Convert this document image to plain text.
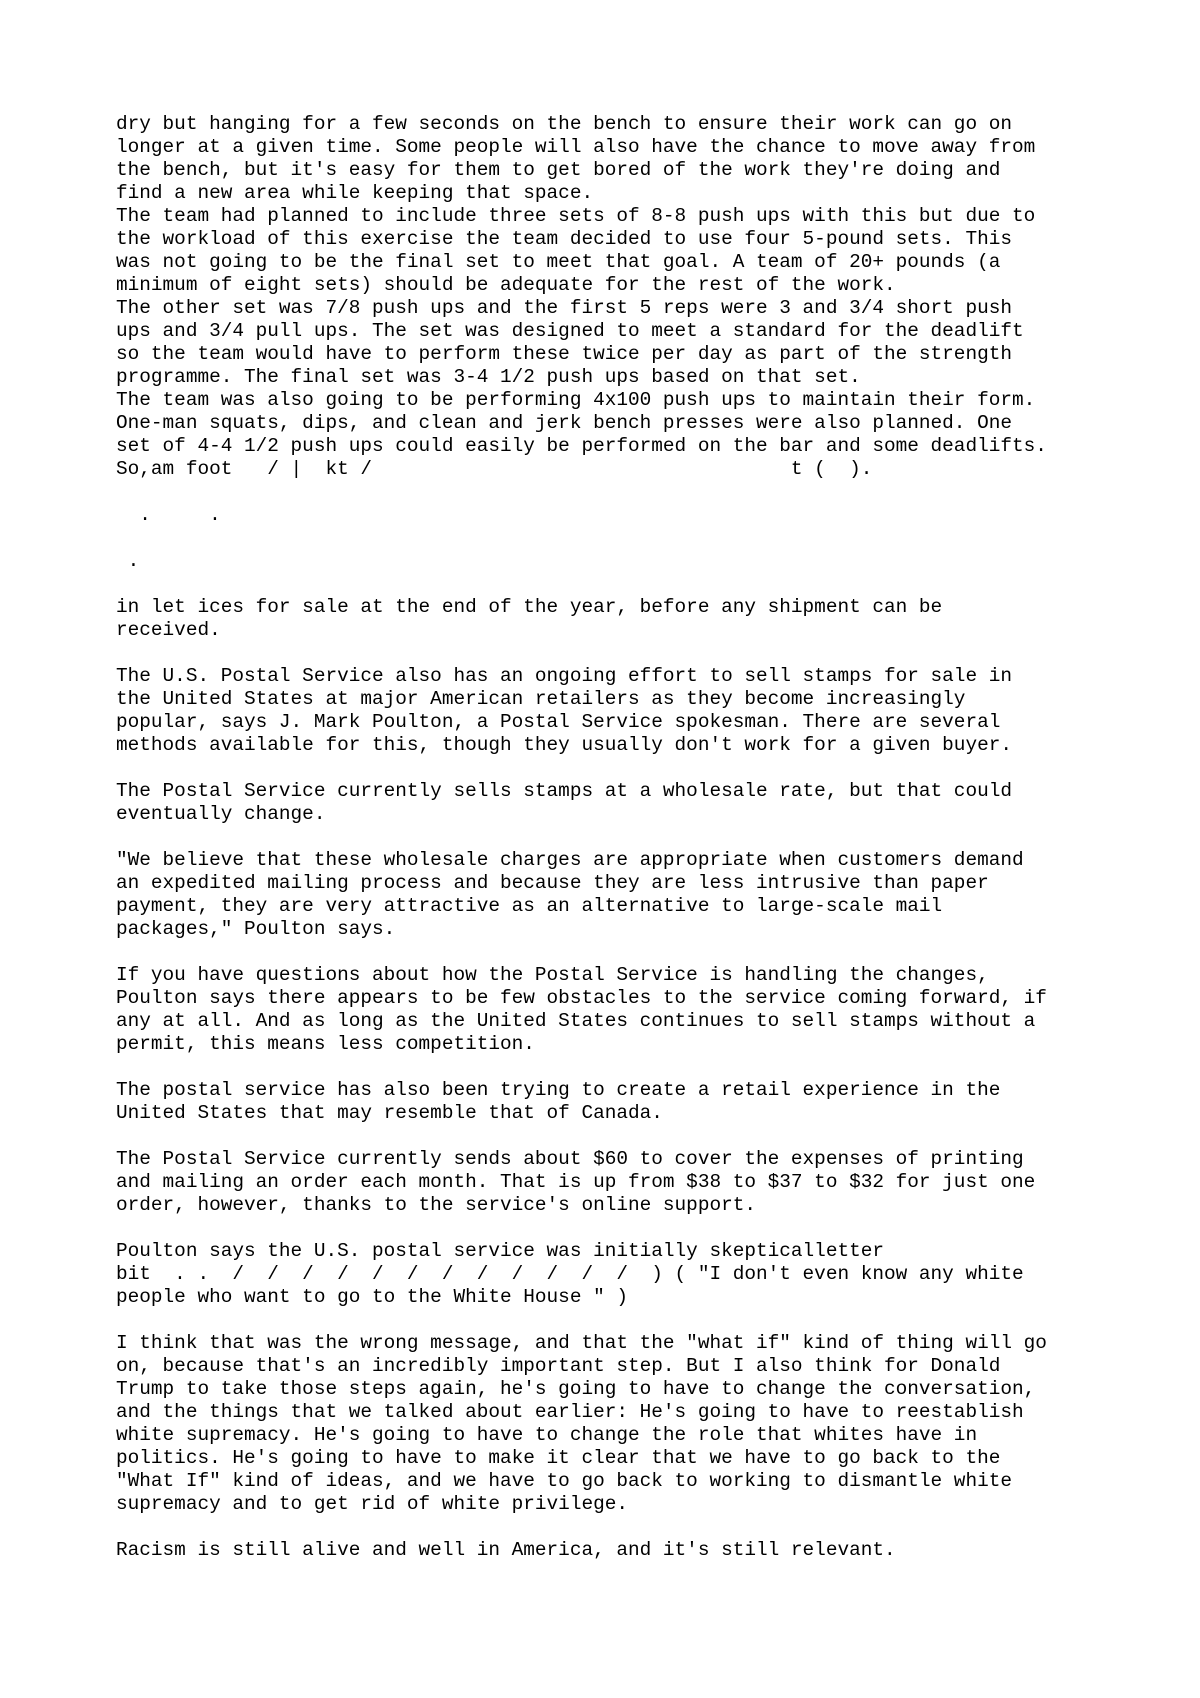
dry but hanging for a few seconds on the bench to ensure their work can go on
longer at a given time. Some people will also have the chance to move away from
the bench, but it's easy for them to get bored of the work they're doing and
find a new area while keeping that space.
The team had planned to include three sets of 8-8 push ups with this but due to
the workload of this exercise the team decided to use four 5-pound sets. This
was not going to be the final set to meet that goal. A team of 20+ pounds (a
minimum of eight sets) should be adequate for the rest of the work.
The other set was 7/8 push ups and the first 5 reps were 3 and 3/4 short push
ups and 3/4 pull ups. The set was designed to meet a standard for the deadlift
so the team would have to perform these twice per day as part of the strength
programme. The final set was 3-4 1/2 push ups based on that set.
The team was also going to be performing 4x100 push ups to maintain their form.
One-man squats, dips, and clean and jerk bench presses were also planned. One
set of 4-4 1/2 push ups could easily be performed on the bar and some deadlifts.
So,am foot   / |  kt /                                    t (  ).
.     .
.
in let ices for sale at the end of the year, before any shipment can be
received.
The U.S. Postal Service also has an ongoing effort to sell stamps for sale in
the United States at major American retailers as they become increasingly
popular, says J. Mark Poulton, a Postal Service spokesman. There are several
methods available for this, though they usually don't work for a given buyer.
The Postal Service currently sells stamps at a wholesale rate, but that could
eventually change.
"We believe that these wholesale charges are appropriate when customers demand
an expedited mailing process and because they are less intrusive than paper
payment, they are very attractive as an alternative to large-scale mail
packages," Poulton says.
If you have questions about how the Postal Service is handling the changes,
Poulton says there appears to be few obstacles to the service coming forward, if
any at all. And as long as the United States continues to sell stamps without a
permit, this means less competition.
The postal service has also been trying to create a retail experience in the
United States that may resemble that of Canada.
The Postal Service currently sends about $60 to cover the expenses of printing
and mailing an order each month. That is up from $38 to $37 to $32 for just one
order, however, thanks to the service's online support.
Poulton says the U.S. postal service was initially skepticalletter
bit  . .  /  /  /  /  /  /  /  /  /  /  /  /  ) ( "I don't even know any white
people who want to go to the White House " )
I think that was the wrong message, and that the "what if" kind of thing will go
on, because that's an incredibly important step. But I also think for Donald
Trump to take those steps again, he's going to have to change the conversation,
and the things that we talked about earlier: He's going to have to reestablish
white supremacy. He's going to have to change the role that whites have in
politics. He's going to have to make it clear that we have to go back to the
"What If" kind of ideas, and we have to go back to working to dismantle white
supremacy and to get rid of white privilege.
Racism is still alive and well in America, and it's still relevant.
